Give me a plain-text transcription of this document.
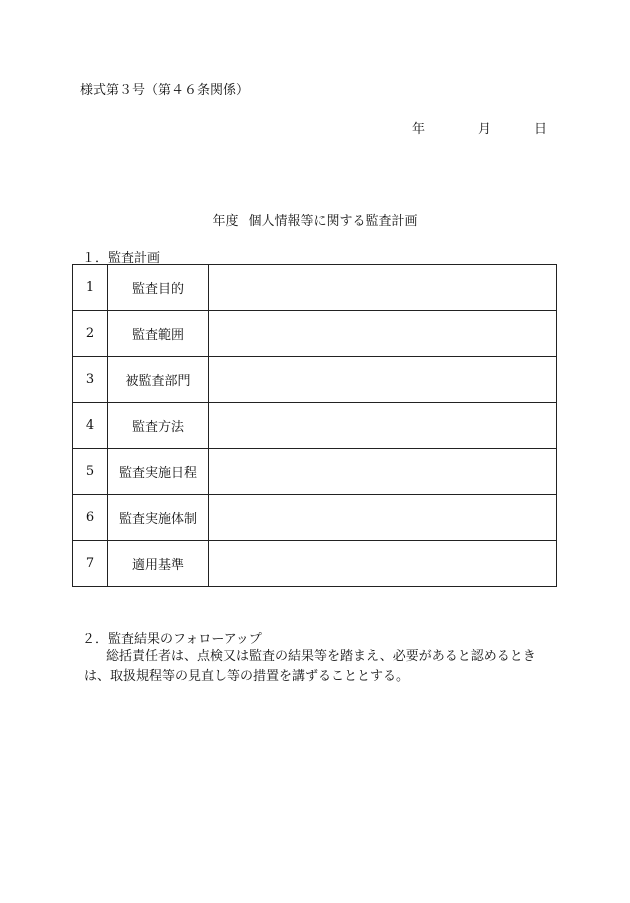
様式第３号（第４６条関係）
年	月	日
年度 個人情報等に関する監査計画
１．監査計画
1	監査目的	
2	監査範囲	
3	被監査部門	
4	監査方法	
5	監査実施日程	
6	監査実施体制	
7	適用基準	
２．監査結果のフォローアップ
総括責任者は、点検又は監査の結果等を踏まえ、必要があると認めるときは、取扱規程等の見直し等の措置を講ずることとする。
